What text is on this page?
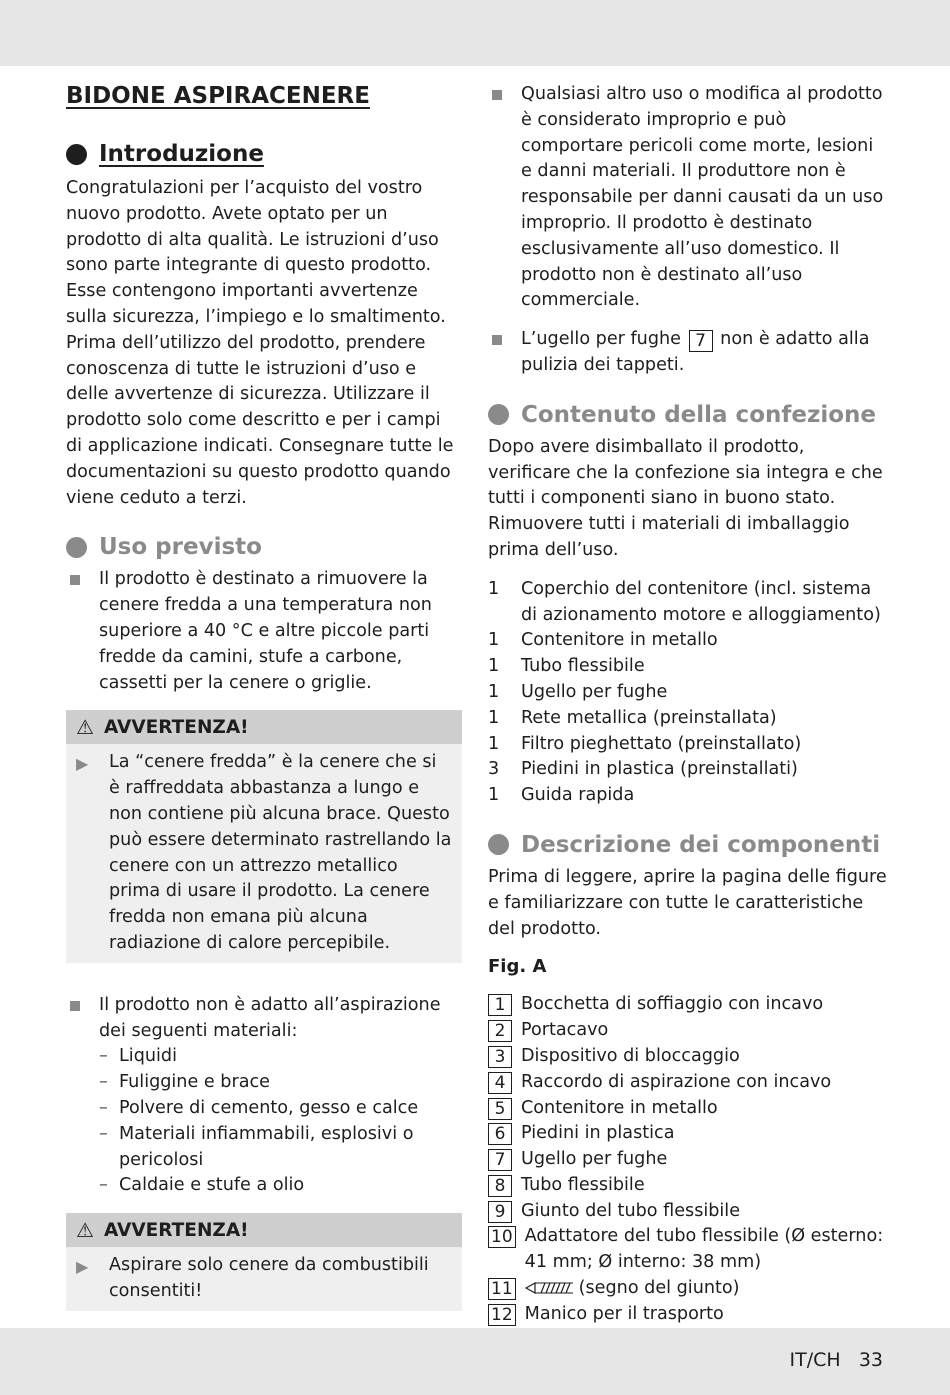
BIDONE ASPIRACENERE
Introduzione

Congratulazioni per l’acquisto del vostro nuovo prodotto. Avete optato per un prodotto di alta qualità. Le istruzioni d’uso sono parte integrante di questo prodotto. Esse contengono importanti avvertenze sulla sicurezza, l’impiego e lo smaltimento. Prima dell’utilizzo del prodotto, prendere conoscenza di tutte le istruzioni d’uso e delle avvertenze di sicurezza. Utilizzare il prodotto solo come descritto e per i campi di applicazione indicati. Consegnare tutte le documentazioni su questo prodotto quando viene ceduto a terzi.

Uso previsto
Il prodotto è destinato a rimuovere la cenere fredda a una temperatura non superiore a 40 °C e altre piccole parti fredde da camini, stufe a carbone, cassetti per la cenere o griglie.
⚠ AVVERTENZA!
▶	La “cenere fredda” è la cenere che si è raffreddata abbastanza a lungo e non contiene più alcuna brace. Questo può essere determinato rastrellando la cenere con un attrezzo metallico prima di usare il prodotto. La cenere fredda non emana più alcuna radiazione di calore percepibile.
Il prodotto non è adatto all’aspirazione dei seguenti materiali:
– Liquidi
– Fuliggine e brace
– Polvere di cemento, gesso e calce
– Materiali infiammabili, esplosivi o pericolosi
– Caldaie e stufe a olio
⚠ AVVERTENZA!
▶	Aspirare solo cenere da combustibili consentiti!
Qualsiasi altro uso o modifica al prodotto è considerato improprio e può comportare pericoli come morte, lesioni e danni materiali. Il produttore non è responsabile per danni causati da un uso improprio. Il prodotto è destinato esclusivamente all’uso domestico. Il prodotto non è destinato all’uso commerciale.
L’ugello per fughe 7 non è adatto alla pulizia dei tappeti.
Contenuto della confezione

Dopo avere disimballato il prodotto, verificare che la confezione sia integra e che tutti i componenti siano in buono stato. Rimuovere tutti i materiali di imballaggio prima dell’uso.

1	Coperchio del contenitore (incl. sistema di azionamento motore e alloggiamento)
1	Contenitore in metallo
1	Tubo flessibile
1	Ugello per fughe
1	Rete metallica (preinstallata)
1	Filtro pieghettato (preinstallato)
3	Piedini in plastica (preinstallati)
1	Guida rapida
Descrizione dei componenti

Prima di leggere, aprire la pagina delle figure e familiarizzare con tutte le caratteristiche del prodotto.

Fig. A
1 Bocchetta di soffiaggio con incavo
2 Portacavo
3 Dispositivo di bloccaggio
4 Raccordo di aspirazione con incavo
5 Contenitore in metallo
6 Piedini in plastica
7 Ugello per fughe
8 Tubo flessibile
9 Giunto del tubo flessibile
10 Adattatore del tubo flessibile (Ø esterno: 41 mm; Ø interno: 38 mm)
11	(segno del giunto)
12 Manico per il trasporto
IT/CH 33
